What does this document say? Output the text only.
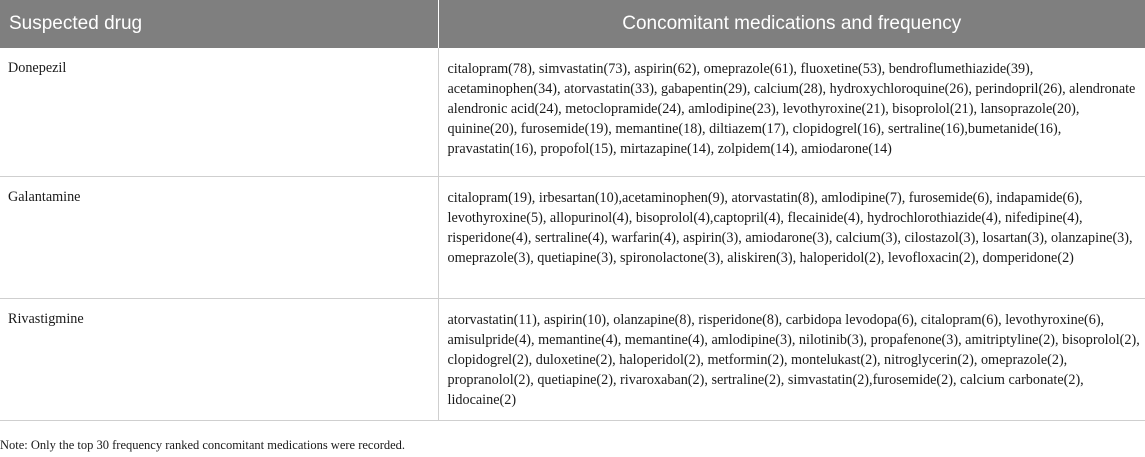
Suspected drug	Concomitant medications and frequency
Donepezil	citalopram(78), simvastatin(73), aspirin(62), omeprazole(61), fluoxetine(53), bendroflumethiazide(39), acetaminophen(34), atorvastatin(33), gabapentin(29), calcium(28), hydroxychloroquine(26), perindopril(26), alendronate alendronic acid(24), metoclopramide(24), amlodipine(23), levothyroxine(21), bisoprolol(21), lansoprazole(20), quinine(20), furosemide(19), memantine(18), diltiazem(17), clopidogrel(16), sertraline(16),bumetanide(16), pravastatin(16), propofol(15), mirtazapine(14), zolpidem(14), amiodarone(14)
Galantamine	citalopram(19), irbesartan(10),acetaminophen(9), atorvastatin(8), amlodipine(7), furosemide(6), indapamide(6), levothyroxine(5), allopurinol(4), bisoprolol(4),captopril(4), flecainide(4), hydrochlorothiazide(4), nifedipine(4), risperidone(4), sertraline(4), warfarin(4), aspirin(3), amiodarone(3), calcium(3), cilostazol(3), losartan(3), olanzapine(3), omeprazole(3), quetiapine(3), spironolactone(3), aliskiren(3), haloperidol(2), levofloxacin(2), domperidone(2)
Rivastigmine	atorvastatin(11), aspirin(10), olanzapine(8), risperidone(8), carbidopa levodopa(6), citalopram(6), levothyroxine(6), amisulpride(4), memantine(4), memantine(4), amlodipine(3), nilotinib(3), propafenone(3), amitriptyline(2), bisoprolol(2), clopidogrel(2), duloxetine(2), haloperidol(2), metformin(2), montelukast(2), nitroglycerin(2), omeprazole(2), propranolol(2), quetiapine(2), rivaroxaban(2), sertraline(2), simvastatin(2),furosemide(2), calcium carbonate(2), lidocaine(2)
Note: Only the top 30 frequency ranked concomitant medications were recorded.
